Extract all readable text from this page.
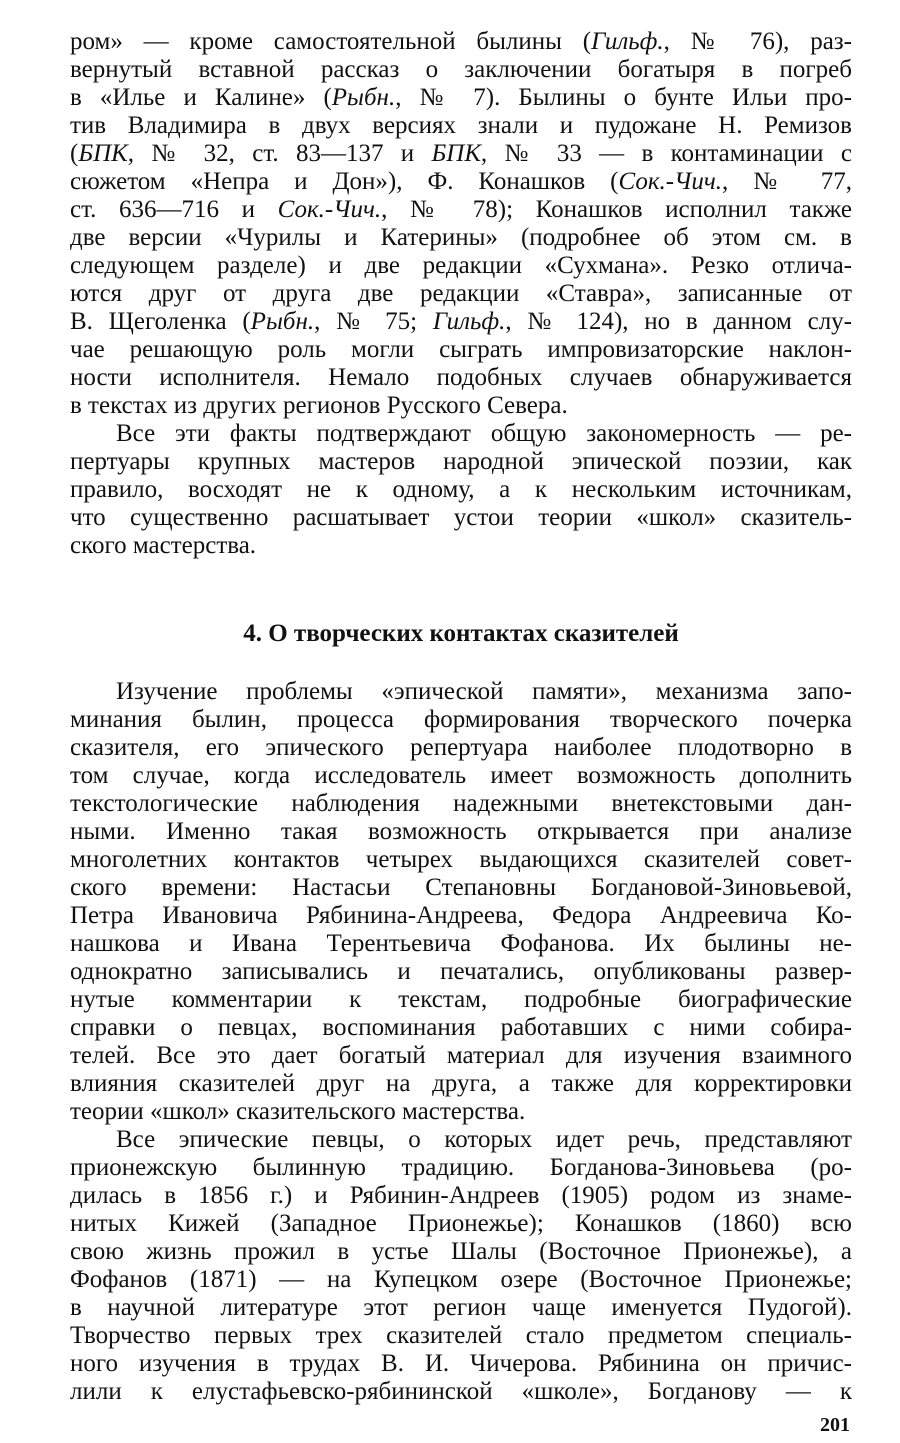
ром» — кроме самостоятельной былины (Гильф., № 76), раз-
вернутый вставной рассказ о заключении богатыря в погреб
в «Илье и Калине» (Рыбн., № 7). Былины о бунте Ильи про-
тив Владимира в двух версиях знали и пудожане Н. Ремизов
(БПК, № 32, ст. 83—137 и БПК, № 33 — в контаминации с
сюжетом «Непра и Дон»), Ф. Конашков (Сок.-Чич., № 77,
ст. 636—716 и Сок.-Чич., № 78); Конашков исполнил также
две версии «Чурилы и Катерины» (подробнее об этом см. в
следующем разделе) и две редакции «Сухмана». Резко отлича-
ются друг от друга две редакции «Ставра», записанные от
В. Щеголенка (Рыбн., № 75; Гильф., № 124), но в данном слу-
чае решающую роль могли сыграть импровизаторские наклон-
ности исполнителя. Немало подобных случаев обнаруживается
в текстах из других регионов Русского Севера.
Все эти факты подтверждают общую закономерность — ре-
пертуары крупных мастеров народной эпической поэзии, как
правило, восходят не к одному, а к нескольким источникам,
что существенно расшатывает устои теории «школ» сказитель-
ского мастерства.
4. О творческих контактах сказителей
Изучение проблемы «эпической памяти», механизма запо-
минания былин, процесса формирования творческого почерка
сказителя, его эпического репертуара наиболее плодотворно в
том случае, когда исследователь имеет возможность дополнить
текстологические наблюдения надежными внетекстовыми дан-
ными. Именно такая возможность открывается при анализе
многолетних контактов четырех выдающихся сказителей совет-
ского времени: Настасьи Степановны Богдановой-Зиновьевой,
Петра Ивановича Рябинина-Андреева, Федора Андреевича Ко-
нашкова и Ивана Терентьевича Фофанова. Их былины не-
однократно записывались и печатались, опубликованы развер-
нутые комментарии к текстам, подробные биографические
справки о певцах, воспоминания работавших с ними собира-
телей. Все это дает богатый материал для изучения взаимного
влияния сказителей друг на друга, а также для корректировки
теории «школ» сказительского мастерства.
Все эпические певцы, о которых идет речь, представляют
прионежскую былинную традицию. Богданова-Зиновьева (ро-
дилась в 1856 г.) и Рябинин-Андреев (1905) родом из знаме-
нитых Кижей (Западное Прионежье); Конашков (1860) всю
свою жизнь прожил в устье Шалы (Восточное Прионежье), а
Фофанов (1871) — на Купецком озере (Восточное Прионежье;
в научной литературе этот регион чаще именуется Пудогой).
Творчество первых трех сказителей стало предметом специаль-
ного изучения в трудах В. И. Чичерова. Рябинина он причис-
лили к елустафьевско-рябининской «школе», Богданову — к
201
